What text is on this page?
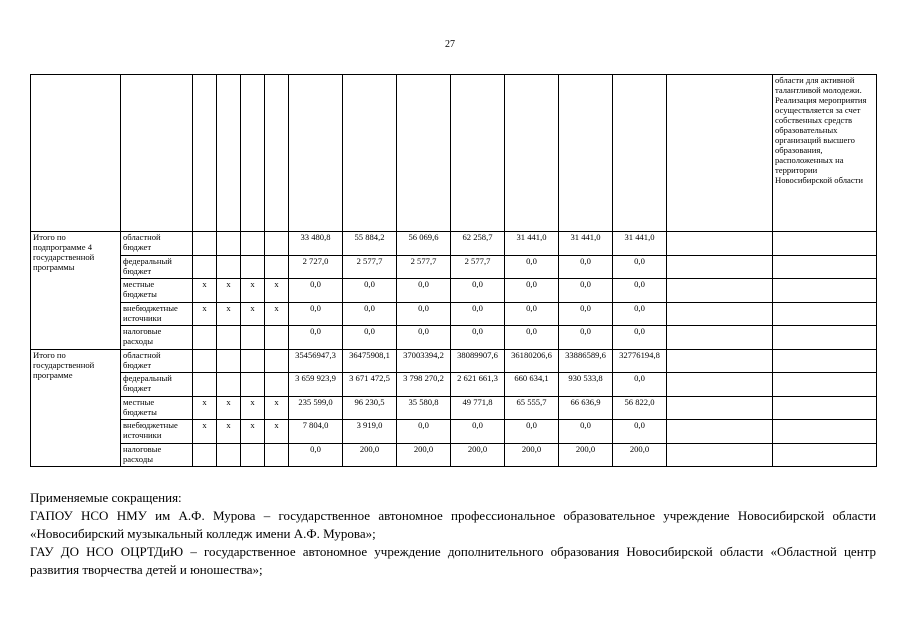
27
														области для активной талантливой молодежи. Реализация мероприятия осуществляется за счет собственных средств образовательных организаций высшего образования, расположенных на территории Новосибирской области
Итого по подпрограмме 4 государственной программы	областной бюджет					33 480,8	55 884,2	56 069,6	62 258,7	31 441,0	31 441,0	31 441,0		
	федеральный бюджет					2 727,0	2 577,7	2 577,7	2 577,7	0,0	0,0	0,0		
	местные бюджеты	x	x	x	x	0,0	0,0	0,0	0,0	0,0	0,0	0,0		
	внебюджетные источники	x	x	x	x	0,0	0,0	0,0	0,0	0,0	0,0	0,0		
	налоговые расходы					0,0	0,0	0,0	0,0	0,0	0,0	0,0		
Итого по государственной программе	областной бюджет					35456947,3	36475908,1	37003394,2	38089907,6	36180206,6	33886589,6	32776194,8		
	федеральный бюджет					3 659 923,9	3 671 472,5	3 798 270,2	2 621 661,3	660 634,1	930 533,8	0,0		
	местные бюджеты	x	x	x	x	235 599,0	96 230,5	35 580,8	49 771,8	65 555,7	66 636,9	56 822,0		
	внебюджетные источники	x	x	x	x	7 804,0	3 919,0	0,0	0,0	0,0	0,0	0,0		
	налоговые расходы					0,0	200,0	200,0	200,0	200,0	200,0	200,0		

Применяемые сокращения:

ГАПОУ НСО НМУ им А.Ф. Мурова – государственное автономное профессиональное образовательное учреждение Новосибирской области «Новосибирский музыкальный колледж имени А.Ф. Мурова»;

ГАУ ДО НСО ОЦРТДиЮ – государственное автономное учреждение дополнительного образования Новосибирской области «Областной центр развития творчества детей и юношества»;
